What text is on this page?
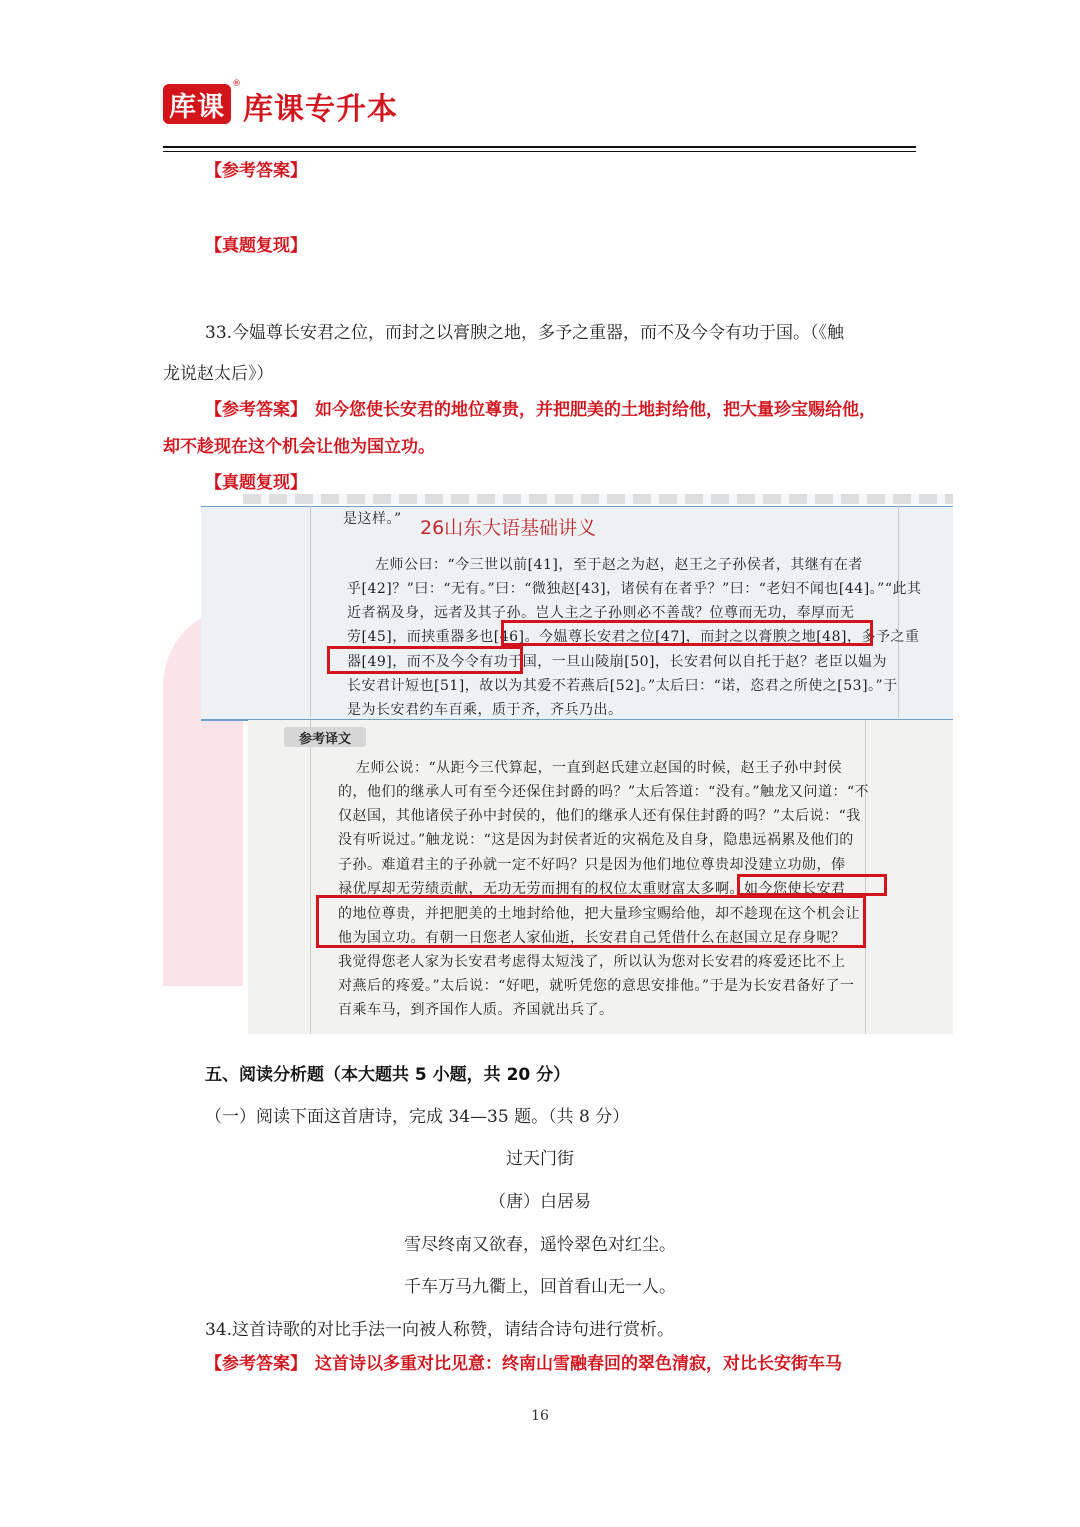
库课
®
库课专升本
【参考答案】
【真题复现】
33.今媪尊长安君之位，而封之以膏腴之地，多予之重器，而不及今令有功于国。（《触
龙说赵太后》）
【参考答案】 如今您使长安君的地位尊贵，并把肥美的土地封给他，把大量珍宝赐给他，
却不趁现在这个机会让他为国立功。
【真题复现】
是这样。” 26山东大语基础讲义
左师公曰：“今三世以前[41]，至于赵之为赵，赵王之子孙侯者，其继有在者
乎[42]？”曰：“无有。”曰：“微独赵[43]，诸侯有在者乎？”曰：“老妇不闻也[44]。”“此其
近者祸及身，远者及其子孙。岂人主之子孙则必不善哉？位尊而无功，奉厚而无
劳[45]，而挟重器多也[46]。今媪尊长安君之位[47]，而封之以膏腴之地[48]，多予之重
器[49]，而不及今令有功于国，一旦山陵崩[50]，长安君何以自托于赵？老臣以媪为
长安君计短也[51]，故以为其爱不若燕后[52]。”太后曰：“诺，恣君之所使之[53]。”于
是为长安君约车百乘，质于齐，齐兵乃出。
参考译文
左师公说：“从距今三代算起，一直到赵氏建立赵国的时候，赵王子孙中封侯
的，他们的继承人可有至今还保住封爵的吗？”太后答道：“没有。”触龙又问道：“不
仅赵国，其他诸侯子孙中封侯的，他们的继承人还有保住封爵的吗？”太后说：“我
没有听说过。”触龙说：“这是因为封侯者近的灾祸危及自身，隐患远祸累及他们的
子孙。难道君主的子孙就一定不好吗？只是因为他们地位尊贵却没建立功勋，俸
禄优厚却无劳绩贡献，无功无劳而拥有的权位太重财富太多啊。如今您使长安君
的地位尊贵，并把肥美的土地封给他，把大量珍宝赐给他，却不趁现在这个机会让
他为国立功。有朝一日您老人家仙逝，长安君自己凭借什么在赵国立足存身呢？
我觉得您老人家为长安君考虑得太短浅了，所以认为您对长安君的疼爱还比不上
对燕后的疼爱。”太后说：“好吧，就听凭您的意思安排他。”于是为长安君备好了一
百乘车马，到齐国作人质。齐国就出兵了。
五、阅读分析题（本大题共 5 小题，共 20 分）
（一）阅读下面这首唐诗，完成 34—35 题。（共 8 分）
过天门街
（唐）白居易
雪尽终南又欲春，遥怜翠色对红尘。
千车万马九衢上，回首看山无一人。
34.这首诗歌的对比手法一向被人称赞，请结合诗句进行赏析。
【参考答案】 这首诗以多重对比见意：终南山雪融春回的翠色清寂，对比长安街车马
16
